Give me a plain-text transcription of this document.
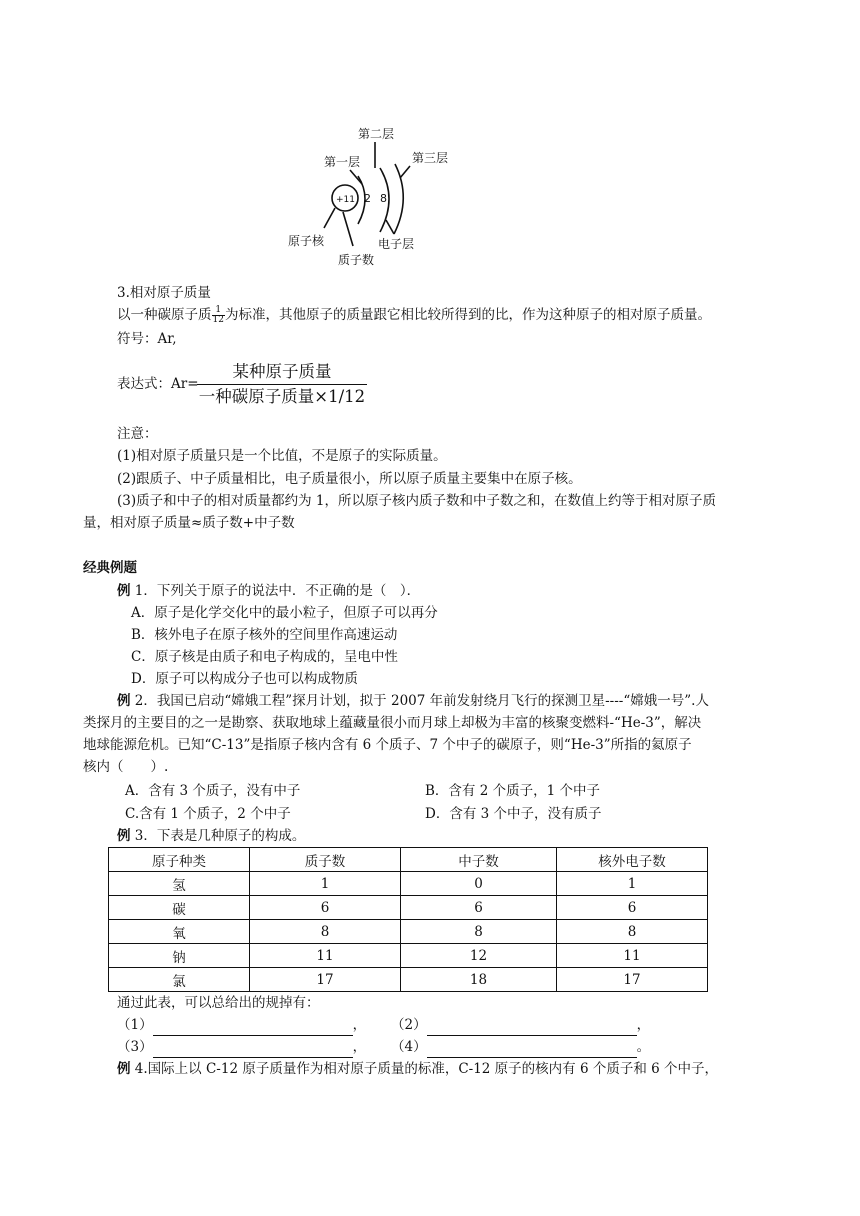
第二层
第一层	第三层
+11 2 8
原子核
质子数
电子层
3.相对原子质量
以一种碳原子质 $\frac{1}{12}$ 为标准，其他原子的质量跟它相比较所得到的比，作为这种原子的相对原子质量。
符号：Ar,
表达式：Ar=
某种原子质量
一种碳原子质量×1/12
注意：
(1)相对原子质量只是一个比值，不是原子的实际质量。
(2)跟质子、中子质量相比，电子质量很小，所以原子质量主要集中在原子核。
(3)质子和中子的相对质量都约为 1，所以原子核内质子数和中子数之和，在数值上约等于相对原子质
量，相对原子质量≈质子数+中子数
经典例题
例 1．下列关于原子的说法中．不正确的是（　）．
A．原子是化学交化中的最小粒子，但原子可以再分
B．核外电子在原子核外的空间里作高速运动
C．原子核是由质子和电子构成的，呈电中性
D．原子可以构成分子也可以构成物质
例 2．我国已启动“嫦娥工程”探月计划，拟于 2007 年前发射绕月飞行的探测卫星----“嫦娥一号”.人
类探月的主要目的之一是勘察、获取地球上蕴藏量很小而月球上却极为丰富的核聚变燃料-“He-3”，解决
地球能源危机。已知“C-13”是指原子核内含有 6 个质子、7 个中子的碳原子，则“He-3”所指的氦原子
核内（　　）.
A．含有 3 个质子，没有中子	B．含有 2 个质子，1 个中子
C.含有 1 个质子，2 个中子	D．含有 3 个中子，没有质子
例 3．下表是几种原子的构成。
原子种类	质子数	中子数	核外电子数
氢	1	0	1
碳	6	6	6
氧	8	8	8
钠	11	12	11
氯	17	18	17
通过此表，可以总给出的规掉有：
（1）	， （2）	，
（3）	， （4）	。
例 4.国际上以 C-12 原子质量作为相对原子质量的标准，C-12 原子的核内有 6 个质子和 6 个中子，
